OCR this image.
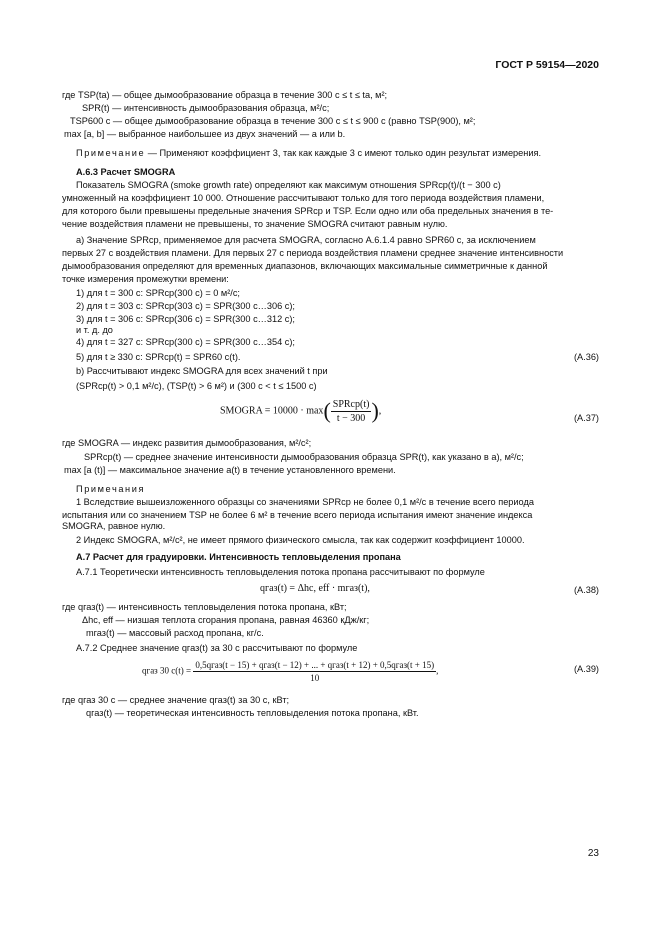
ГОСТ Р 59154—2020
где TSP(ta) — общее дымообразование образца в течение 300 с ≤ t ≤ ta, м²;
SPR(t) — интенсивность дымообразования образца, м²/с;
TSP600 c — общее дымообразование образца в течение 300 с ≤ t ≤ 900 с (равно TSP(900), м²;
max [a, b] — выбранное наибольшее из двух значений — a или b.
Примечание — Применяют коэффициент 3, так как каждые 3 с имеют только один результат измерения.
А.6.3 Расчет SMOGRA
Показатель SMOGRA (smoke growth rate) определяют как максимум отношения SPRср(t)/(t − 300 c)
умноженный на коэффициент 10 000. Отношение рассчитывают только для того периода воздействия пламени,
для которого были превышены предельные значения SPRср и TSP. Если одно или оба предельных значения в те-
чение воздействия пламени не превышены, то значение SMOGRA считают равным нулю.
а) Значение SPRср, применяемое для расчета SMOGRA, согласно А.6.1.4 равно SPR60 c, за исключением
первых 27 с воздействия пламени. Для первых 27 с периода воздействия пламени среднее значение интенсивности
дымообразования определяют для временных диапазонов, включающих максимальные симметричные к данной
точке измерения промежутки времени:
1) для t = 300 с: SPRср(300 с) = 0 м²/с;
2) для t = 303 с: SPRср(303 с) = SPR(300 с…306 с);
3) для t = 306 с: SPRср(306 с) = SPR(300 с…312 с);
и т. д. до
4) для t = 327 с: SPRср(300 с) = SPR(300 с…354 с);
5) для t ≥ 330 с: SPRср(t) = SPR60 c(t).	(А.36)
b) Рассчитывают индекс SMOGRA для всех значений t при
(SPRср(t) > 0,1 м²/с), (TSP(t) > 6 м²) и (300 c < t ≤ 1500 c)
SMOGRA = $10000 \cdot \max( \frac{\text{SPRср(t)}}{t - 300}$ ),
(А.37)
где SMOGRA — индекс развития дымообразования, м²/с²;
SPRср(t) — среднее значение интенсивности дымообразования образца SPR(t), как указано в а), м²/с;
max [a (t)] — максимальное значение a(t) в течение установленного времени.
Примечания
1 Вследствие вышеизложенного образцы со значениями SPRср не более 0,1 м²/с в течение всего периода
испытания или со значением TSP не более 6 м² в течение всего периода испытания имеют значение индекса
SMOGRA, равное нулю.
2 Индекс SMOGRA, м²/с², не имеет прямого физического смысла, так как содержит коэффициент 10000.
А.7 Расчет для градуировки. Интенсивность тепловыделения пропана
А.7.1 Теоретически интенсивность тепловыделения потока пропана рассчитывают по формуле
qгаз(t) = Δhc, eff · mгаз(t),	(А.38)
где qгаз(t) — интенсивность тепловыделения потока пропана, кВт;
Δhc, eff — низшая теплота сгорания пропана, равная 46360 кДж/кг;
mгаз(t) — массовый расход пропана, кг/с.
А.7.2 Среднее значение qгаз(t) за 30 с рассчитывают по формуле
qгаз 30 с(t) =
0,5qгаз(t − 15) + qгаз(t − 12) + ... + qгаз(t + 12) + 0,5qгаз(t + 15)
10
,	(А.39)
где qгаз 30 с — среднее значение qгаз(t) за 30 с, кВт;
qгаз(t) — теоретическая интенсивность тепловыделения потока пропана, кВт.
23
